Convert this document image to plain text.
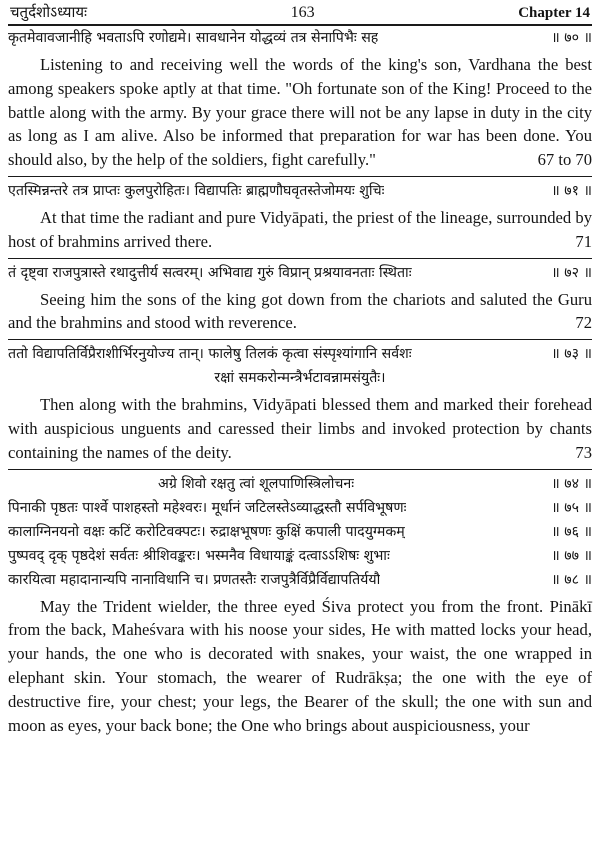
चतुर्दशोऽध्यायः	163	Chapter 14
कृतमेवावजानीहि भवताऽपि रणोद्यमे। सावधानेन योद्धव्यं तत्र सेनापिभैः सह	॥ ७० ॥

Listening to and receiving well the words of the king's son, Vardhana the best among speakers spoke aptly at that time. "Oh fortunate son of the King! Proceed to the battle along with the army. By your grace there will not be any lapse in duty in the city as long as I am alive. Also be informed that preparation for war has been done. You should also, by the help of the soldiers, fight carefully."	67 to 70

एतस्मिन्नन्तरे तत्र प्राप्तः कुलपुरोहितः। विद्यापतिः ब्राह्मणौघवृतस्तेजोमयः शुचिः	॥ ७१ ॥

At that time the radiant and pure Vidyāpati, the priest of the lineage, surrounded by host of brahmins arrived there.	71

तं दृष्ट्वा राजपुत्रास्ते रथादुत्तीर्य सत्वरम्। अभिवाद्य गुरुं विप्रान् प्रश्रयावनताः स्थिताः	॥ ७२ ॥

Seeing him the sons of the king got down from the chariots and saluted the Guru and the brahmins and stood with reverence.	72

ततो विद्यापतिर्विप्रैराशीर्भिरनुयोज्य तान्। फालेषु तिलकं कृत्वा संस्पृश्यांगानि सर्वशः	॥ ७३ ॥
रक्षां समकरोन्मन्त्रैर्भटावन्नामसंयुतैः।

Then along with the brahmins, Vidyāpati blessed them and marked their forehead with auspicious unguents and caressed their limbs and invoked protection by chants containing the names of the deity.	73

अग्रे शिवो रक्षतु त्वां शूलपाणिस्त्रिलोचनः	॥ ७४ ॥
पिनाकी पृष्ठतः पार्श्वे पाशहस्तो महेश्वरः। मूर्धानं जटिलस्तेऽव्याद्धस्तौ सर्पविभूषणः	॥ ७५ ॥
कालाग्निनयनो वक्षः कटिं करोटिवक्पटः। रुद्राक्षभूषणः कुक्षिं कपाली पादयुग्मकम्	॥ ७६ ॥
पुष्पवद् दृक् पृष्ठदेशं सर्वतः श्रीशिवङ्करः। भस्मनैव विधायाङ्कं दत्वाऽऽशिषः शुभाः	॥ ७७ ॥
कारयित्वा महादानान्यपि नानाविधानि च। प्रणतस्तैः राजपुत्रैर्विप्रैर्विद्यापतिर्ययौ	॥ ७८ ॥

May the Trident wielder, the three eyed Śiva protect you from the front. Pinākī from the back, Maheśvara with his noose your sides, He with matted locks your head, your hands, the one who is decorated with snakes, your waist, the one wrapped in elephant skin. Your stomach, the wearer of Rudrākṣa; the one with the eye of destructive fire, your chest; your legs, the Bearer of the skull; the one with sun and moon as eyes, your back bone; the One who brings about auspiciousness, your
